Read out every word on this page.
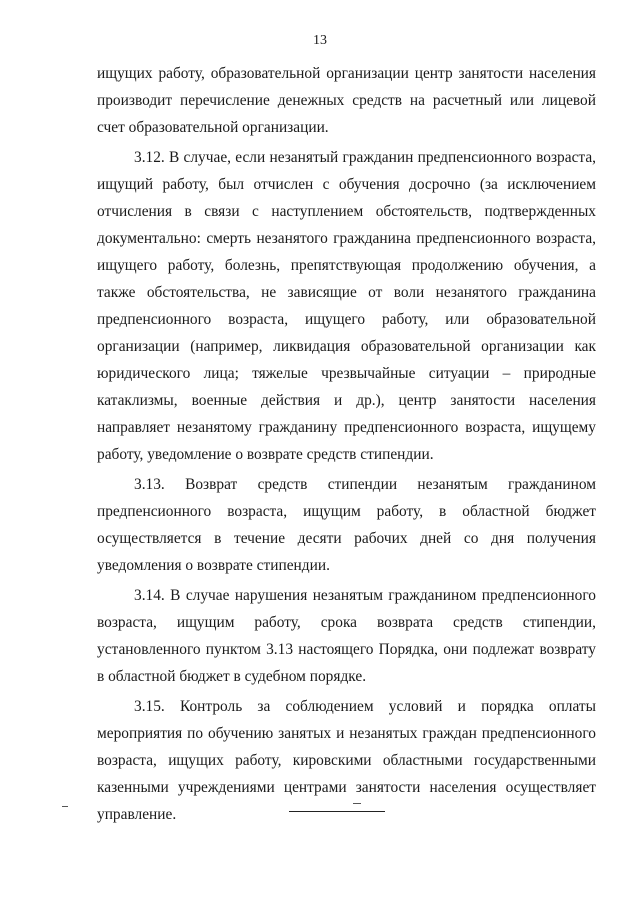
13

ищущих работу, образовательной организации центр занятости населения производит перечисление денежных средств на расчетный или лицевой счет образовательной организации.

3.12. В случае, если незанятый гражданин предпенсионного возраста, ищущий работу, был отчислен с обучения досрочно (за исключением отчисления в связи с наступлением обстоятельств, подтвержденных документально: смерть незанятого гражданина предпенсионного возраста, ищущего работу, болезнь, препятствующая продолжению обучения, а также обстоятельства, не зависящие от воли незанятого гражданина предпенсионного возраста, ищущего работу, или образовательной организации (например, ликвидация образовательной организации как юридического лица; тяжелые чрезвычайные ситуации – природные катаклизмы, военные действия и др.), центр занятости населения направляет незанятому гражданину предпенсионного возраста, ищущему работу, уведомление о возврате средств стипендии.

3.13. Возврат средств стипендии незанятым гражданином предпенсионного возраста, ищущим работу, в областной бюджет осуществляется в течение десяти рабочих дней со дня получения уведомления о возврате стипендии.

3.14. В случае нарушения незанятым гражданином предпенсионного возраста, ищущим работу, срока возврата средств стипендии, установленного пунктом 3.13 настоящего Порядка, они подлежат возврату в областной бюджет в судебном порядке.

3.15. Контроль за соблюдением условий и порядка оплаты мероприятия по обучению занятых и незанятых граждан предпенсионного возраста, ищущих работу, кировскими областными государственными казенными учреждениями центрами занятости населения осуществляет управление.
